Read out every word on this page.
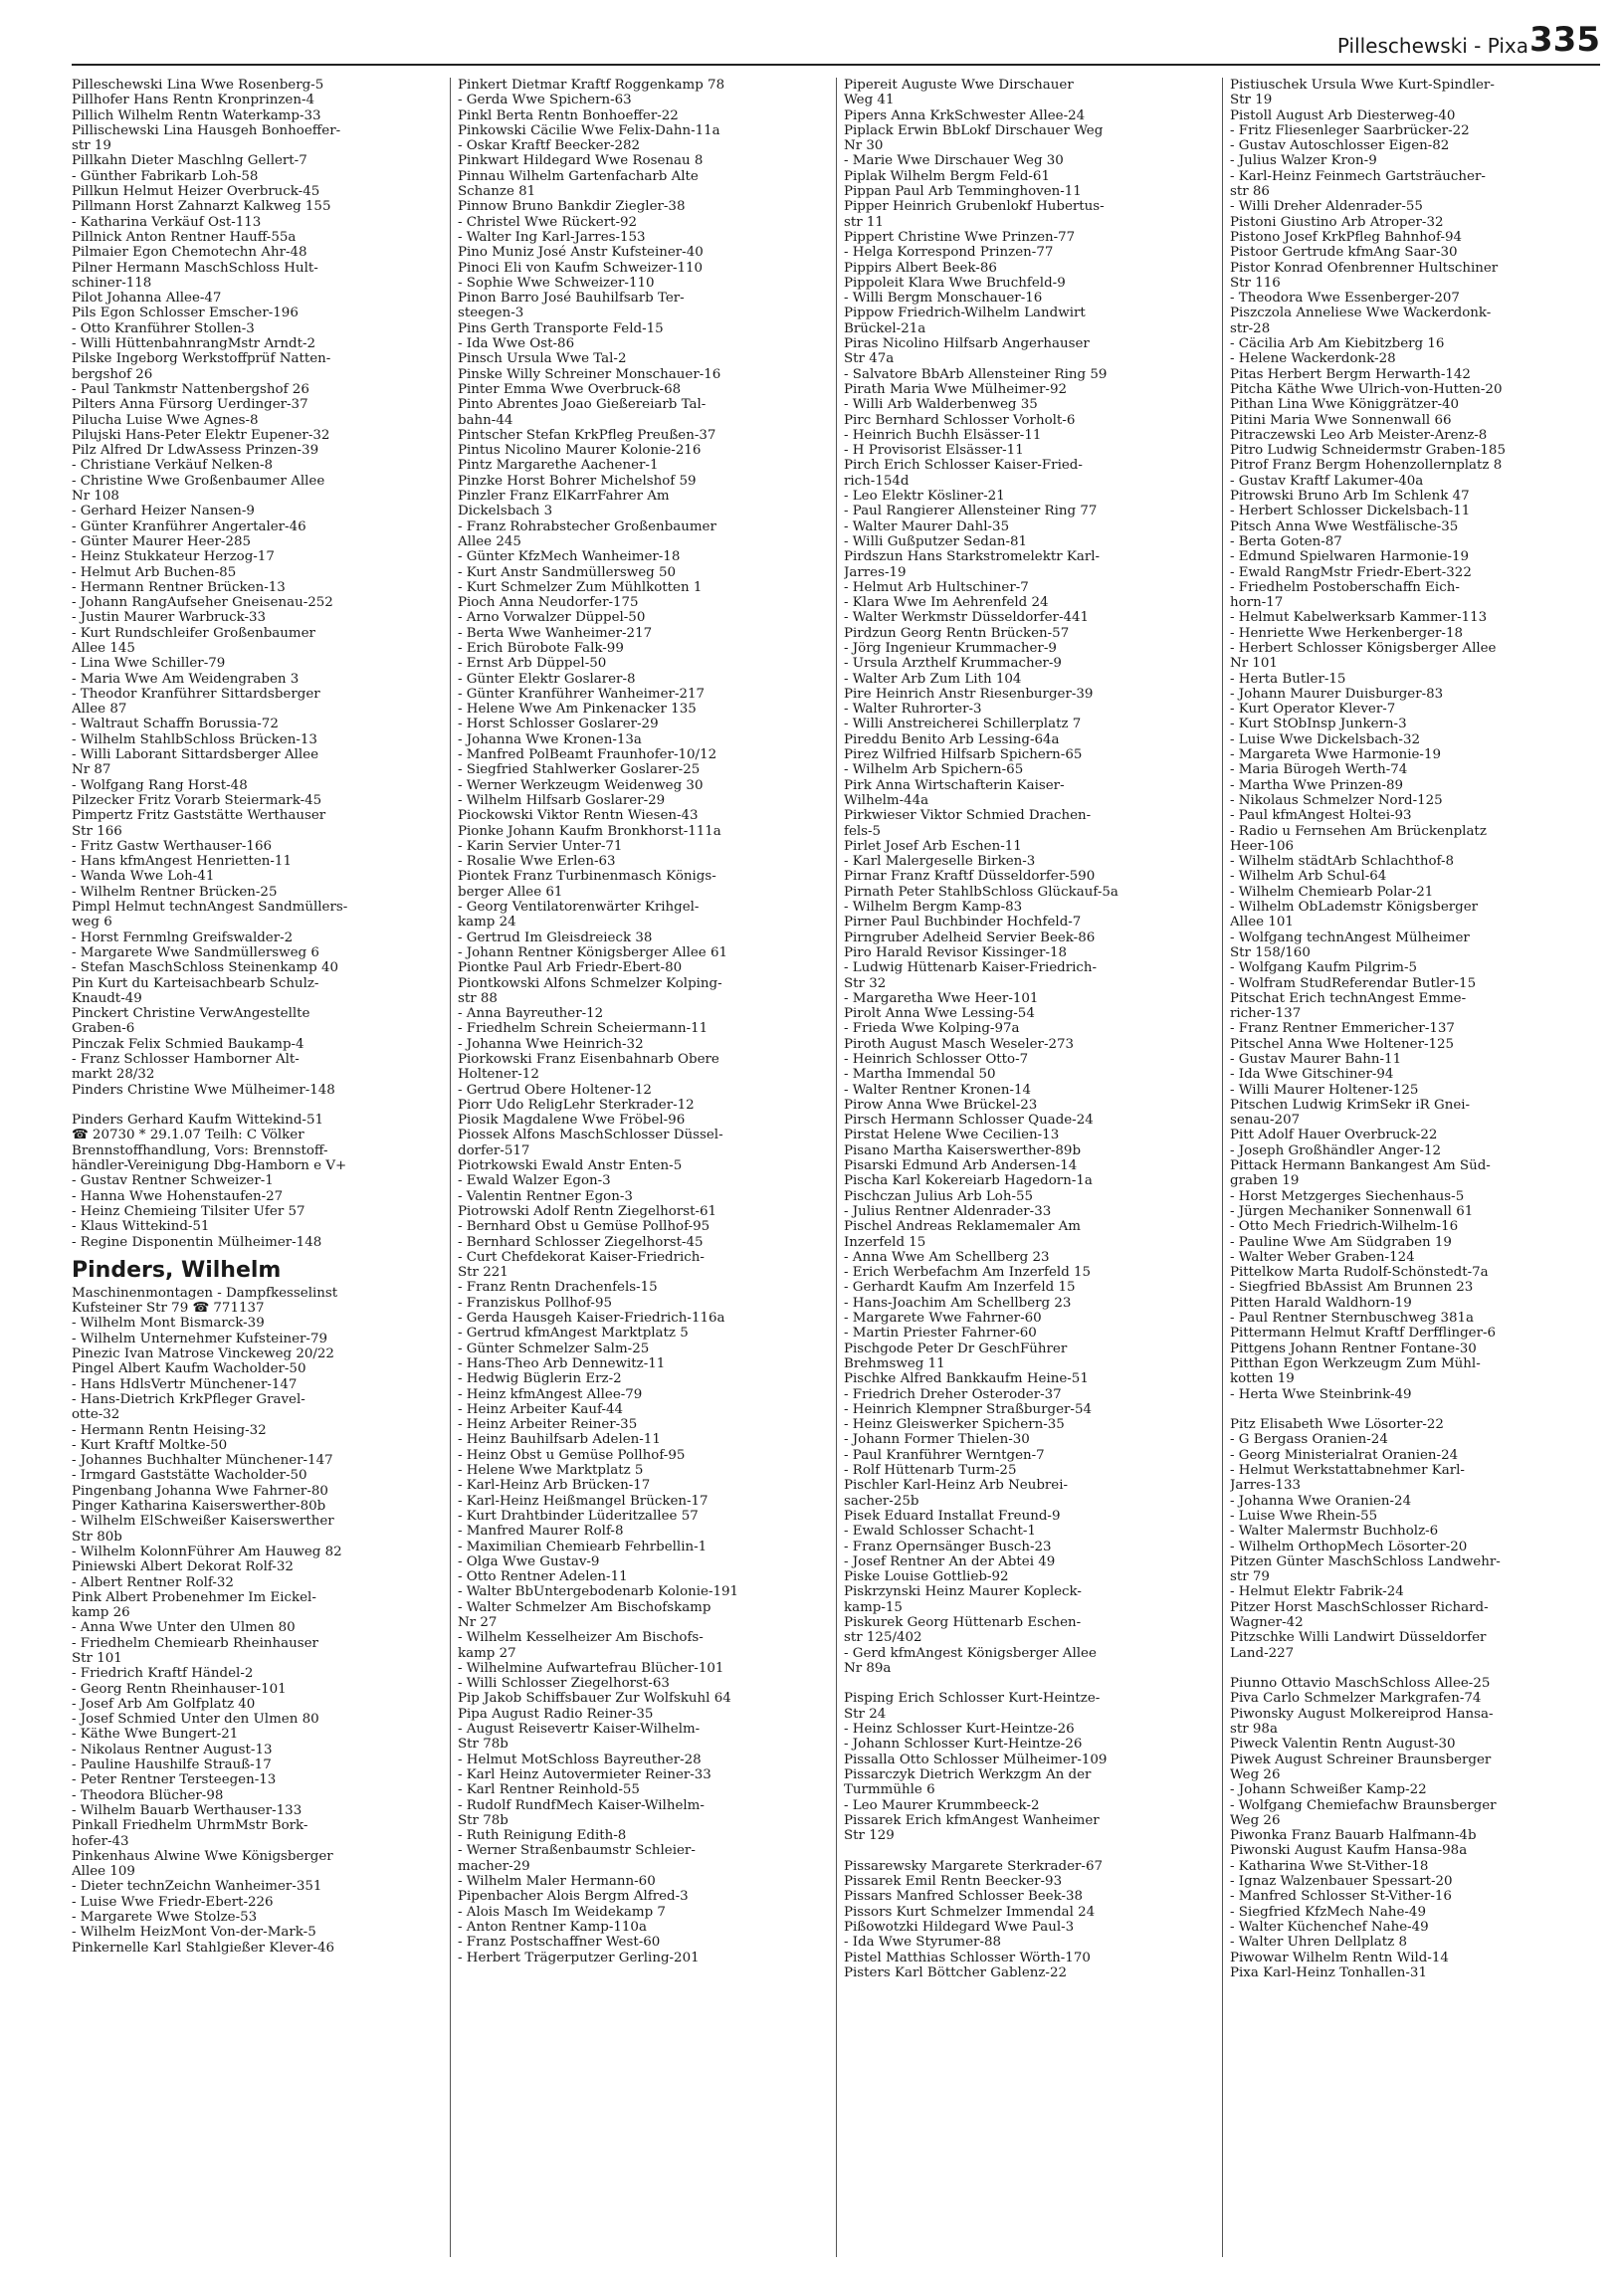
Pilleschewski - Pixa 335
Pilleschewski Lina Wwe Rosenberg-5
Pillhofer Hans Rentn Kronprinzen-4
Pillich Wilhelm Rentn Waterkamp-33
Pillischewski Lina Hausgeh Bonhoeffer-
str 19
Pillkahn Dieter Maschlng Gellert-7
- Günther Fabrikarb Loh-58
Pillkun Helmut Heizer Overbruck-45
Pillmann Horst Zahnarzt Kalkweg 155
- Katharina Verkäuf Ost-113
Pillnick Anton Rentner Hauff-55a
Pilmaier Egon Chemotechn Ahr-48
Pilner Hermann MaschSchloss Hult-
schiner-118
Pilot Johanna Allee-47
Pils Egon Schlosser Emscher-196
- Otto Kranführer Stollen-3
- Willi HüttenbahnrangMstr Arndt-2
Pilske Ingeborg Werkstoffprüf Natten-
bergshof 26
- Paul Tankmstr Nattenbergshof 26
Pilters Anna Fürsorg Uerdinger-37
Pilucha Luise Wwe Agnes-8
Pilujski Hans-Peter Elektr Eupener-32
Pilz Alfred Dr LdwAssess Prinzen-39
- Christiane Verkäuf Nelken-8
- Christine Wwe Großenbaumer Allee
Nr 108
- Gerhard Heizer Nansen-9
- Günter Kranführer Angertaler-46
- Günter Maurer Heer-285
- Heinz Stukkateur Herzog-17
- Helmut Arb Buchen-85
- Hermann Rentner Brücken-13
- Johann RangAufseher Gneisenau-252
- Justin Maurer Warbruck-33
- Kurt Rundschleifer Großenbaumer
Allee 145
- Lina Wwe Schiller-79
- Maria Wwe Am Weidengraben 3
- Theodor Kranführer Sittardsberger
Allee 87
- Waltraut Schaffn Borussia-72
- Wilhelm StahlbSchloss Brücken-13
- Willi Laborant Sittardsberger Allee
Nr 87
- Wolfgang Rang Horst-48
Pilzecker Fritz Vorarb Steiermark-45
Pimpertz Fritz Gaststätte Werthauser
Str 166
- Fritz Gastw Werthauser-166
- Hans kfmAngest Henrietten-11
- Wanda Wwe Loh-41
- Wilhelm Rentner Brücken-25
Pimpl Helmut technAngest Sandmüllers-
weg 6
- Horst Fernmlng Greifswalder-2
- Margarete Wwe Sandmüllersweg 6
- Stefan MaschSchloss Steinenkamp 40
Pin Kurt du Karteisachbearb Schulz-
Knaudt-49
Pinckert Christine VerwAngestellte
Graben-6
Pinczak Felix Schmied Baukamp-4
- Franz Schlosser Hamborner Alt-
markt 28/32
Pinders Christine Wwe Mülheimer-148

Pinders Gerhard Kaufm Wittekind-51
☎ 20730 * 29.1.07 Teilh: C Völker
Brennstoffhandlung, Vors: Brennstoff-
händler-Vereinigung Dbg-Hamborn e V+
- Gustav Rentner Schweizer-1
- Hanna Wwe Hohenstaufen-27
- Heinz Chemieing Tilsiter Ufer 57
- Klaus Wittekind-51
- Regine Disponentin Mülheimer-148
Pinders, Wilhelm
Maschinenmontagen - Dampfkesselinst
Kufsteiner Str 79 ☎ 771137
- Wilhelm Mont Bismarck-39
- Wilhelm Unternehmer Kufsteiner-79
Pinezic Ivan Matrose Vinckeweg 20/22
Pingel Albert Kaufm Wacholder-50
- Hans HdlsVertr Münchener-147
- Hans-Dietrich KrkPfleger Gravel-
otte-32
- Hermann Rentn Heising-32
- Kurt Kraftf Moltke-50
- Johannes Buchhalter Münchener-147
- Irmgard Gaststätte Wacholder-50
Pingenbang Johanna Wwe Fahrner-80
Pinger Katharina Kaiserswerther-80b
- Wilhelm ElSchweißer Kaiserswerther
Str 80b
- Wilhelm KolonnFührer Am Hauweg 82
Piniewski Albert Dekorat Rolf-32
- Albert Rentner Rolf-32
Pink Albert Probenehmer Im Eickel-
kamp 26
- Anna Wwe Unter den Ulmen 80
- Friedhelm Chemiearb Rheinhauser
Str 101
- Friedrich Kraftf Händel-2
- Georg Rentn Rheinhauser-101
- Josef Arb Am Golfplatz 40
- Josef Schmied Unter den Ulmen 80
- Käthe Wwe Bungert-21
- Nikolaus Rentner August-13
- Pauline Haushilfe Strauß-17
- Peter Rentner Tersteegen-13
- Theodora Blücher-98
- Wilhelm Bauarb Werthauser-133
Pinkall Friedhelm UhrmMstr Bork-
hofer-43
Pinkenhaus Alwine Wwe Königsberger
Allee 109
- Dieter technZeichn Wanheimer-351
- Luise Wwe Friedr-Ebert-226
- Margarete Wwe Stolze-53
- Wilhelm HeizMont Von-der-Mark-5
Pinkernelle Karl Stahlgießer Klever-46
Pinkert Dietmar Kraftf Roggenkamp 78
- Gerda Wwe Spichern-63
Pinkl Berta Rentn Bonhoeffer-22
Pinkowski Cäcilie Wwe Felix-Dahn-11a
- Oskar Kraftf Beecker-282
Pinkwart Hildegard Wwe Rosenau 8
Pinnau Wilhelm Gartenfacharb Alte
Schanze 81
Pinnow Bruno Bankdir Ziegler-38
- Christel Wwe Rückert-92
- Walter Ing Karl-Jarres-153
Pino Muniz José Anstr Kufsteiner-40
Pinoci Eli von Kaufm Schweizer-110
- Sophie Wwe Schweizer-110
Pinon Barro José Bauhilfsarb Ter-
steegen-3
Pins Gerth Transporte Feld-15
- Ida Wwe Ost-86
Pinsch Ursula Wwe Tal-2
Pinske Willy Schreiner Monschauer-16
Pinter Emma Wwe Overbruck-68
Pinto Abrentes Joao Gießereiarb Tal-
bahn-44
Pintscher Stefan KrkPfleg Preußen-37
Pintus Nicolino Maurer Kolonie-216
Pintz Margarethe Aachener-1
Pinzke Horst Bohrer Michelshof 59
Pinzler Franz ElKarrFahrer Am
Dickelsbach 3
- Franz Rohrabstecher Großenbaumer
Allee 245
- Günter KfzMech Wanheimer-18
- Kurt Anstr Sandmüllersweg 50
- Kurt Schmelzer Zum Mühlkotten 1
Pioch Anna Neudorfer-175
- Arno Vorwalzer Düppel-50
- Berta Wwe Wanheimer-217
- Erich Bürobote Falk-99
- Ernst Arb Düppel-50
- Günter Elektr Goslarer-8
- Günter Kranführer Wanheimer-217
- Helene Wwe Am Pinkenacker 135
- Horst Schlosser Goslarer-29
- Johanna Wwe Kronen-13a
- Manfred PolBeamt Fraunhofer-10/12
- Siegfried Stahlwerker Goslarer-25
- Werner Werkzeugm Weidenweg 30
- Wilhelm Hilfsarb Goslarer-29
Piockowski Viktor Rentn Wiesen-43
Pionke Johann Kaufm Bronkhorst-111a
- Karin Servier Unter-71
- Rosalie Wwe Erlen-63
Piontek Franz Turbinenmasch Königs-
berger Allee 61
- Georg Ventilatorenwärter Krihgel-
kamp 24
- Gertrud Im Gleisdreieck 38
- Johann Rentner Königsberger Allee 61
Piontke Paul Arb Friedr-Ebert-80
Piontkowski Alfons Schmelzer Kolping-
str 88
- Anna Bayreuther-12
- Friedhelm Schrein Scheiermann-11
- Johanna Wwe Heinrich-32
Piorkowski Franz Eisenbahnarb Obere
Holtener-12
- Gertrud Obere Holtener-12
Piorr Udo ReligLehr Sterkrader-12
Piosik Magdalene Wwe Fröbel-96
Piossek Alfons MaschSchlosser Düssel-
dorfer-517
Piotrkowski Ewald Anstr Enten-5
- Ewald Walzer Egon-3
- Valentin Rentner Egon-3
Piotrowski Adolf Rentn Ziegelhorst-61
- Bernhard Obst u Gemüse Pollhof-95
- Bernhard Schlosser Ziegelhorst-45
- Curt Chefdekorat Kaiser-Friedrich-
Str 221
- Franz Rentn Drachenfels-15
- Franziskus Pollhof-95
- Gerda Hausgeh Kaiser-Friedrich-116a
- Gertrud kfmAngest Marktplatz 5
- Günter Schmelzer Salm-25
- Hans-Theo Arb Dennewitz-11
- Hedwig Büglerin Erz-2
- Heinz kfmAngest Allee-79
- Heinz Arbeiter Kauf-44
- Heinz Arbeiter Reiner-35
- Heinz Bauhilfsarb Adelen-11
- Heinz Obst u Gemüse Pollhof-95
- Helene Wwe Marktplatz 5
- Karl-Heinz Arb Brücken-17
- Karl-Heinz Heißmangel Brücken-17
- Kurt Drahtbinder Lüderitzallee 57
- Manfred Maurer Rolf-8
- Maximilian Chemiearb Fehrbellin-1
- Olga Wwe Gustav-9
- Otto Rentner Adelen-11
- Walter BbUntergebodenarb Kolonie-191
- Walter Schmelzer Am Bischofskamp
Nr 27
- Wilhelm Kesselheizer Am Bischofs-
kamp 27
- Wilhelmine Aufwartefrau Blücher-101
- Willi Schlosser Ziegelhorst-63
Pip Jakob Schiffsbauer Zur Wolfskuhl 64
Pipa August Radio Reiner-35
- August Reisevertr Kaiser-Wilhelm-
Str 78b
- Helmut MotSchloss Bayreuther-28
- Karl Heinz Autovermieter Reiner-33
- Karl Rentner Reinhold-55
- Rudolf RundfMech Kaiser-Wilhelm-
Str 78b
- Ruth Reinigung Edith-8
- Werner Straßenbaumstr Schleier-
macher-29
- Wilhelm Maler Hermann-60
Pipenbacher Alois Bergm Alfred-3
- Alois Masch Im Weidekamp 7
- Anton Rentner Kamp-110a
- Franz Postschaffner West-60
- Herbert Trägerputzer Gerling-201
Pipereit Auguste Wwe Dirschauer
Weg 41
Pipers Anna KrkSchwester Allee-24
Piplack Erwin BbLokf Dirschauer Weg
Nr 30
- Marie Wwe Dirschauer Weg 30
Piplak Wilhelm Bergm Feld-61
Pippan Paul Arb Temminghoven-11
Pipper Heinrich Grubenlokf Hubertus-
str 11
Pippert Christine Wwe Prinzen-77
- Helga Korrespond Prinzen-77
Pippirs Albert Beek-86
Pippoleit Klara Wwe Bruchfeld-9
- Willi Bergm Monschauer-16
Pippow Friedrich-Wilhelm Landwirt
Brückel-21a
Piras Nicolino Hilfsarb Angerhauser
Str 47a
- Salvatore BbArb Allensteiner Ring 59
Pirath Maria Wwe Mülheimer-92
- Willi Arb Walderbenweg 35
Pirc Bernhard Schlosser Vorholt-6
- Heinrich Buchh Elsässer-11
- H Provisorist Elsässer-11
Pirch Erich Schlosser Kaiser-Fried-
rich-154d
- Leo Elektr Kösliner-21
- Paul Rangierer Allensteiner Ring 77
- Walter Maurer Dahl-35
- Willi Gußputzer Sedan-81
Pirdszun Hans Starkstromelektr Karl-
Jarres-19
- Helmut Arb Hultschiner-7
- Klara Wwe Im Aehrenfeld 24
- Walter Werkmstr Düsseldorfer-441
Pirdzun Georg Rentn Brücken-57
- Jörg Ingenieur Krummacher-9
- Ursula Arzthelf Krummacher-9
- Walter Arb Zum Lith 104
Pire Heinrich Anstr Riesenburger-39
- Walter Ruhrorter-3
- Willi Anstreicherei Schillerplatz 7
Pireddu Benito Arb Lessing-64a
Pirez Wilfried Hilfsarb Spichern-65
- Wilhelm Arb Spichern-65
Pirk Anna Wirtschafterin Kaiser-
Wilhelm-44a
Pirkwieser Viktor Schmied Drachen-
fels-5
Pirlet Josef Arb Eschen-11
- Karl Malergeselle Birken-3
Pirnar Franz Kraftf Düsseldorfer-590
Pirnath Peter StahlbSchloss Glückauf-5a
- Wilhelm Bergm Kamp-83
Pirner Paul Buchbinder Hochfeld-7
Pirngruber Adelheid Servier Beek-86
Piro Harald Revisor Kissinger-18
- Ludwig Hüttenarb Kaiser-Friedrich-
Str 32
- Margaretha Wwe Heer-101
Pirolt Anna Wwe Lessing-54
- Frieda Wwe Kolping-97a
Piroth August Masch Weseler-273
- Heinrich Schlosser Otto-7
- Martha Immendal 50
- Walter Rentner Kronen-14
Pirow Anna Wwe Brückel-23
Pirsch Hermann Schlosser Quade-24
Pirstat Helene Wwe Cecilien-13
Pisano Martha Kaiserswerther-89b
Pisarski Edmund Arb Andersen-14
Pischa Karl Kokereiarb Hagedorn-1a
Pischczan Julius Arb Loh-55
- Julius Rentner Aldenrader-33
Pischel Andreas Reklamemaler Am
Inzerfeld 15
- Anna Wwe Am Schellberg 23
- Erich Werbefachm Am Inzerfeld 15
- Gerhardt Kaufm Am Inzerfeld 15
- Hans-Joachim Am Schellberg 23
- Margarete Wwe Fahrner-60
- Martin Priester Fahrner-60
Pischgode Peter Dr GeschFührer
Brehmsweg 11
Pischke Alfred Bankkaufm Heine-51
- Friedrich Dreher Osteroder-37
- Heinrich Klempner Straßburger-54
- Heinz Gleiswerker Spichern-35
- Johann Former Thielen-30
- Paul Kranführer Werntgen-7
- Rolf Hüttenarb Turm-25
Pischler Karl-Heinz Arb Neubrei-
sacher-25b
Pisek Eduard Installat Freund-9
- Ewald Schlosser Schacht-1
- Franz Opernsänger Busch-23
- Josef Rentner An der Abtei 49
Piske Louise Gottlieb-92
Piskrzynski Heinz Maurer Kopleck-
kamp-15
Piskurek Georg Hüttenarb Eschen-
str 125/402
- Gerd kfmAngest Königsberger Allee
Nr 89a

Pisping Erich Schlosser Kurt-Heintze-
Str 24
- Heinz Schlosser Kurt-Heintze-26
- Johann Schlosser Kurt-Heintze-26
Pissalla Otto Schlosser Mülheimer-109
Pissarczyk Dietrich Werkzgm An der
Turmmühle 6
- Leo Maurer Krummbeeck-2
Pissarek Erich kfmAngest Wanheimer
Str 129

Pissarewsky Margarete Sterkrader-67
Pissarek Emil Rentn Beecker-93
Pissars Manfred Schlosser Beek-38
Pissors Kurt Schmelzer Immendal 24
Pißowotzki Hildegard Wwe Paul-3
- Ida Wwe Styrumer-88
Pistel Matthias Schlosser Wörth-170
Pisters Karl Böttcher Gablenz-22
Pistiuschek Ursula Wwe Kurt-Spindler-
Str 19
Pistoll August Arb Diesterweg-40
- Fritz Fliesenleger Saarbrücker-22
- Gustav Autoschlosser Eigen-82
- Julius Walzer Kron-9
- Karl-Heinz Feinmech Gartsträucher-
str 86
- Willi Dreher Aldenrader-55
Pistoni Giustino Arb Atroper-32
Pistono Josef KrkPfleg Bahnhof-94
Pistoor Gertrude kfmAng Saar-30
Pistor Konrad Ofenbrenner Hultschiner
Str 116
- Theodora Wwe Essenberger-207
Piszczola Anneliese Wwe Wackerdonk-
str-28
- Cäcilia Arb Am Kiebitzberg 16
- Helene Wackerdonk-28
Pitas Herbert Bergm Herwarth-142
Pitcha Käthe Wwe Ulrich-von-Hutten-20
Pithan Lina Wwe Königgrätzer-40
Pitini Maria Wwe Sonnenwall 66
Pitraczewski Leo Arb Meister-Arenz-8
Pitro Ludwig Schneidermstr Graben-185
Pitrof Franz Bergm Hohenzollernplatz 8
- Gustav Kraftf Lakumer-40a
Pitrowski Bruno Arb Im Schlenk 47
- Herbert Schlosser Dickelsbach-11
Pitsch Anna Wwe Westfälische-35
- Berta Goten-87
- Edmund Spielwaren Harmonie-19
- Ewald RangMstr Friedr-Ebert-322
- Friedhelm Postoberschaffn Eich-
horn-17
- Helmut Kabelwerksarb Kammer-113
- Henriette Wwe Herkenberger-18
- Herbert Schlosser Königsberger Allee
Nr 101
- Herta Butler-15
- Johann Maurer Duisburger-83
- Kurt Operator Klever-7
- Kurt StObInsp Junkern-3
- Luise Wwe Dickelsbach-32
- Margareta Wwe Harmonie-19
- Maria Bürogeh Werth-74
- Martha Wwe Prinzen-89
- Nikolaus Schmelzer Nord-125
- Paul kfmAngest Holtei-93
- Radio u Fernsehen Am Brückenplatz
Heer-106
- Wilhelm städtArb Schlachthof-8
- Wilhelm Arb Schul-64
- Wilhelm Chemiearb Polar-21
- Wilhelm ObLademstr Königsberger
Allee 101
- Wolfgang technAngest Mülheimer
Str 158/160
- Wolfgang Kaufm Pilgrim-5
- Wolfram StudReferendar Butler-15
Pitschat Erich technAngest Emme-
richer-137
- Franz Rentner Emmericher-137
Pitschel Anna Wwe Holtener-125
- Gustav Maurer Bahn-11
- Ida Wwe Gitschiner-94
- Willi Maurer Holtener-125
Pitschen Ludwig KrimSekr iR Gnei-
senau-207
Pitt Adolf Hauer Overbruck-22
- Joseph Großhändler Anger-12
Pittack Hermann Bankangest Am Süd-
graben 19
- Horst Metzgerges Siechenhaus-5
- Jürgen Mechaniker Sonnenwall 61
- Otto Mech Friedrich-Wilhelm-16
- Pauline Wwe Am Südgraben 19
- Walter Weber Graben-124
Pittelkow Marta Rudolf-Schönstedt-7a
- Siegfried BbAssist Am Brunnen 23
Pitten Harald Waldhorn-19
- Paul Rentner Sternbuschweg 381a
Pittermann Helmut Kraftf Derfflinger-6
Pittgens Johann Rentner Fontane-30
Pitthan Egon Werkzeugm Zum Mühl-
kotten 19
- Herta Wwe Steinbrink-49

Pitz Elisabeth Wwe Lösorter-22
- G Bergass Oranien-24
- Georg Ministerialrat Oranien-24
- Helmut Werkstattabnehmer Karl-
Jarres-133
- Johanna Wwe Oranien-24
- Luise Wwe Rhein-55
- Walter Malermstr Buchholz-6
- Wilhelm OrthopMech Lösorter-20
Pitzen Günter MaschSchloss Landwehr-
str 79
- Helmut Elektr Fabrik-24
Pitzer Horst MaschSchlosser Richard-
Wagner-42
Pitzschke Willi Landwirt Düsseldorfer
Land-227

Piunno Ottavio MaschSchloss Allee-25
Piva Carlo Schmelzer Markgrafen-74
Piwonsky August Molkereiprod Hansa-
str 98a
Piweck Valentin Rentn August-30
Piwek August Schreiner Braunsberger
Weg 26
- Johann Schweißer Kamp-22
- Wolfgang Chemiefachw Braunsberger
Weg 26
Piwonka Franz Bauarb Halfmann-4b
Piwonski August Kaufm Hansa-98a
- Katharina Wwe St-Vither-18
- Ignaz Walzenbauer Spessart-20
- Manfred Schlosser St-Vither-16
- Siegfried KfzMech Nahe-49
- Walter Küchenchef Nahe-49
- Walter Uhren Dellplatz 8
Piwowar Wilhelm Rentn Wild-14
Pixa Karl-Heinz Tonhallen-31
